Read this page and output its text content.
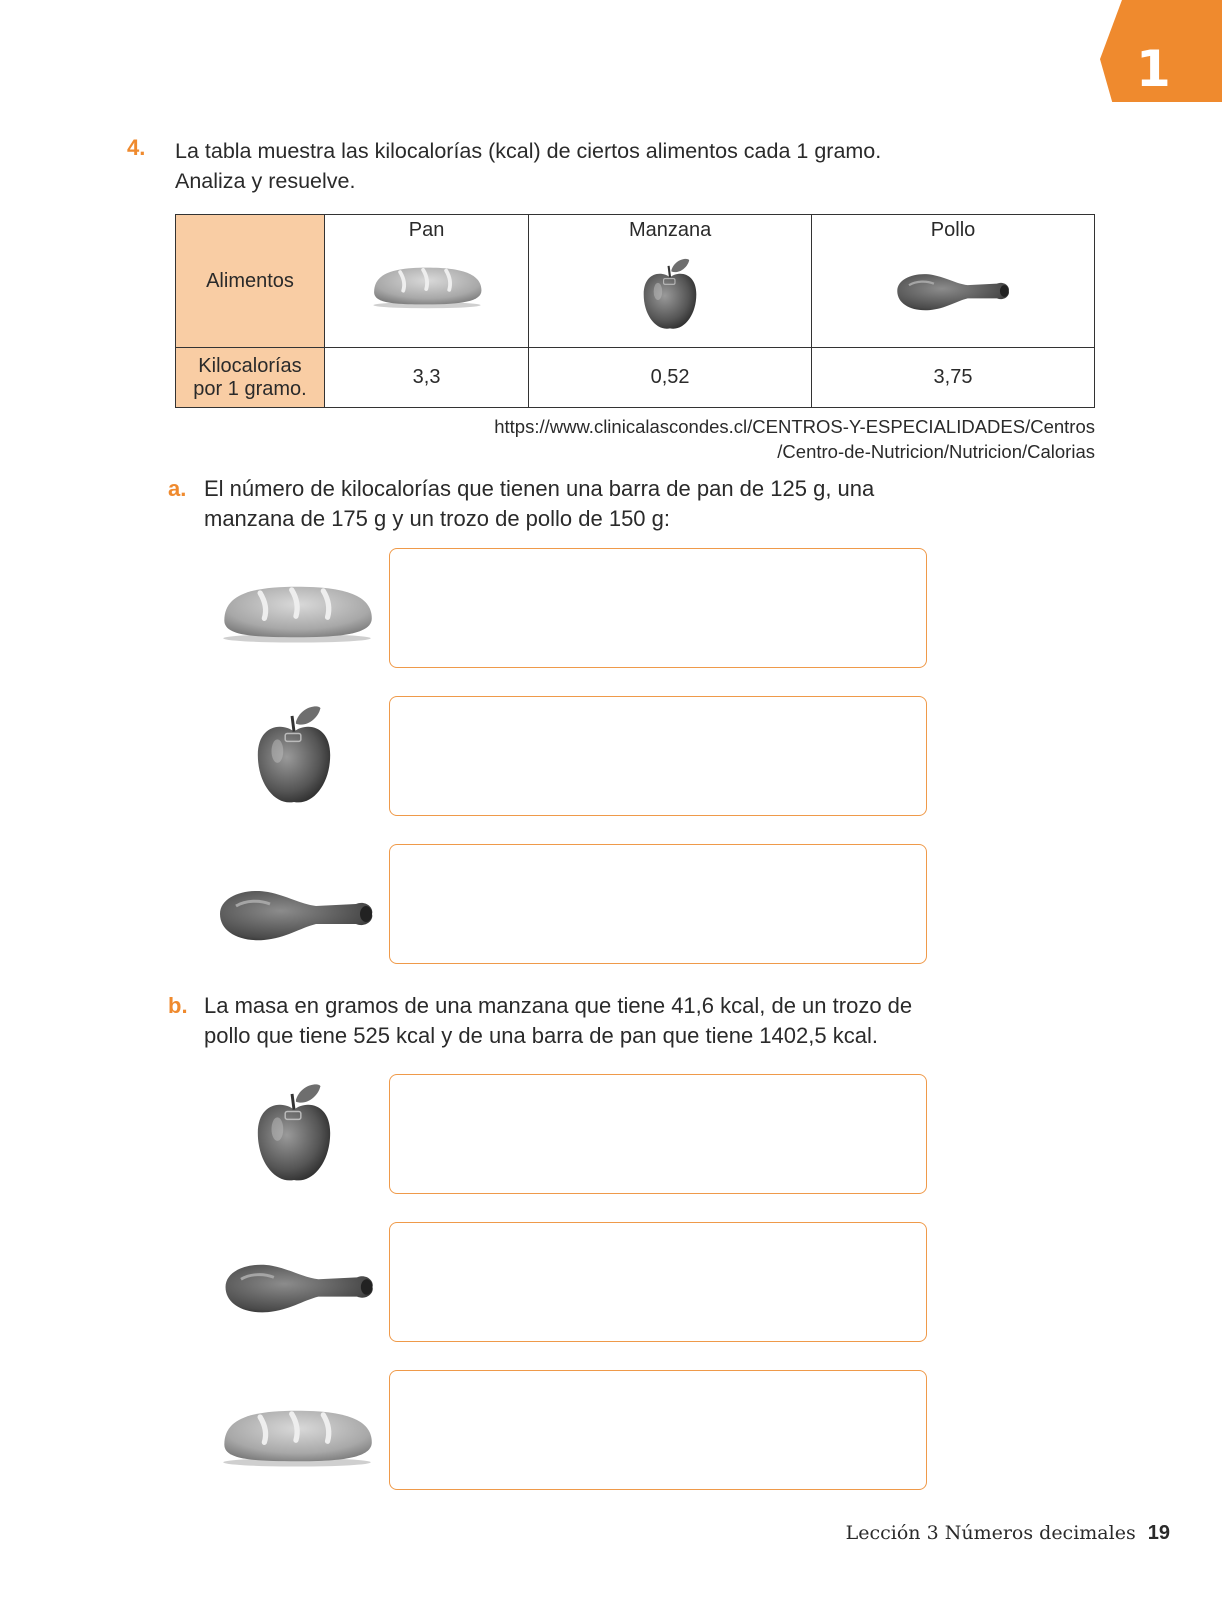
1
4. La tabla muestra las kilocalorías (kcal) de ciertos alimentos cada 1 gramo.
Analiza y resuelve.
Alimentos	Pan	Manzana	Pollo

Kilocalorías
por 1 gramo.	3,3	0,52	3,75
https://www.clinicalascondes.cl/CENTROS-Y-ESPECIALIDADES/Centros
/Centro-de-Nutricion/Nutricion/Calorias
a. El número de kilocalorías que tienen una barra de pan de 125 g, una
manzana de 175 g y un trozo de pollo de 150 g:
b. La masa en gramos de una manzana que tiene 41,6 kcal, de un trozo de
pollo que tiene 525 kcal y de una barra de pan que tiene 1402,5 kcal.
Lección 3 Números decimales 19
